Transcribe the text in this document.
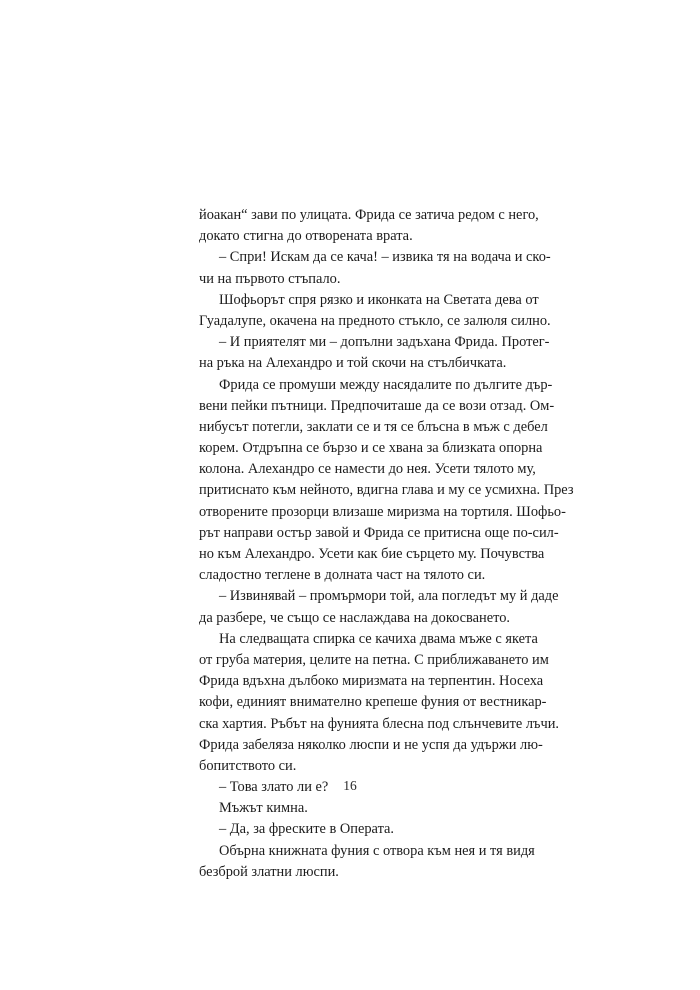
йоакан“ зави по улицата. Фрида се затича редом с него,
докато стигна до отворената врата.
– Спри! Искам да се кача! – извика тя на водача и ско-
чи на първото стъпало.
Шофьорът спря рязко и иконката на Светата дева от
Гуадалупе, окачена на предното стъкло, се залюля силно.
– И приятелят ми – допълни задъхана Фрида. Протег-
на ръка на Алехандро и той скочи на стълбичката.
Фрида се промуши между насядалите по дългите дър-
вени пейки пътници. Предпочиташе да се вози отзад. Ом-
нибусът потегли, заклати се и тя се блъсна в мъж с дебел
корем. Отдръпна се бързо и се хвана за близката опорна
колона. Алехандро се намести до нея. Усети тялото му,
притиснато към нейното, вдигна глава и му се усмихна. През
отворените прозорци влизаше миризма на тортиля. Шофьо-
рът направи остър завой и Фрида се притисна още по-сил-
но към Алехандро. Усети как бие сърцето му. Почувства
сладостно теглене в долната част на тялото си.
– Извинявай – промърмори той, ала погледът му й даде
да разбере, че също се наслаждава на докосването.
На следващата спирка се качиха двама мъже с якета
от груба материя, целите на петна. С приближаването им
Фрида вдъхна дълбоко миризмата на терпентин. Носеха
кофи, единият внимателно крепеше фуния от вестникар-
ска хартия. Ръбът на фунията блесна под слънчевите лъчи.
Фрида забеляза няколко люспи и не успя да удържи лю-
бопитството си.
– Това злато ли е?
Мъжът кимна.
– Да, за фреските в Операта.
Обърна книжната фуния с отвора към нея и тя видя
безброй златни люспи.
16
